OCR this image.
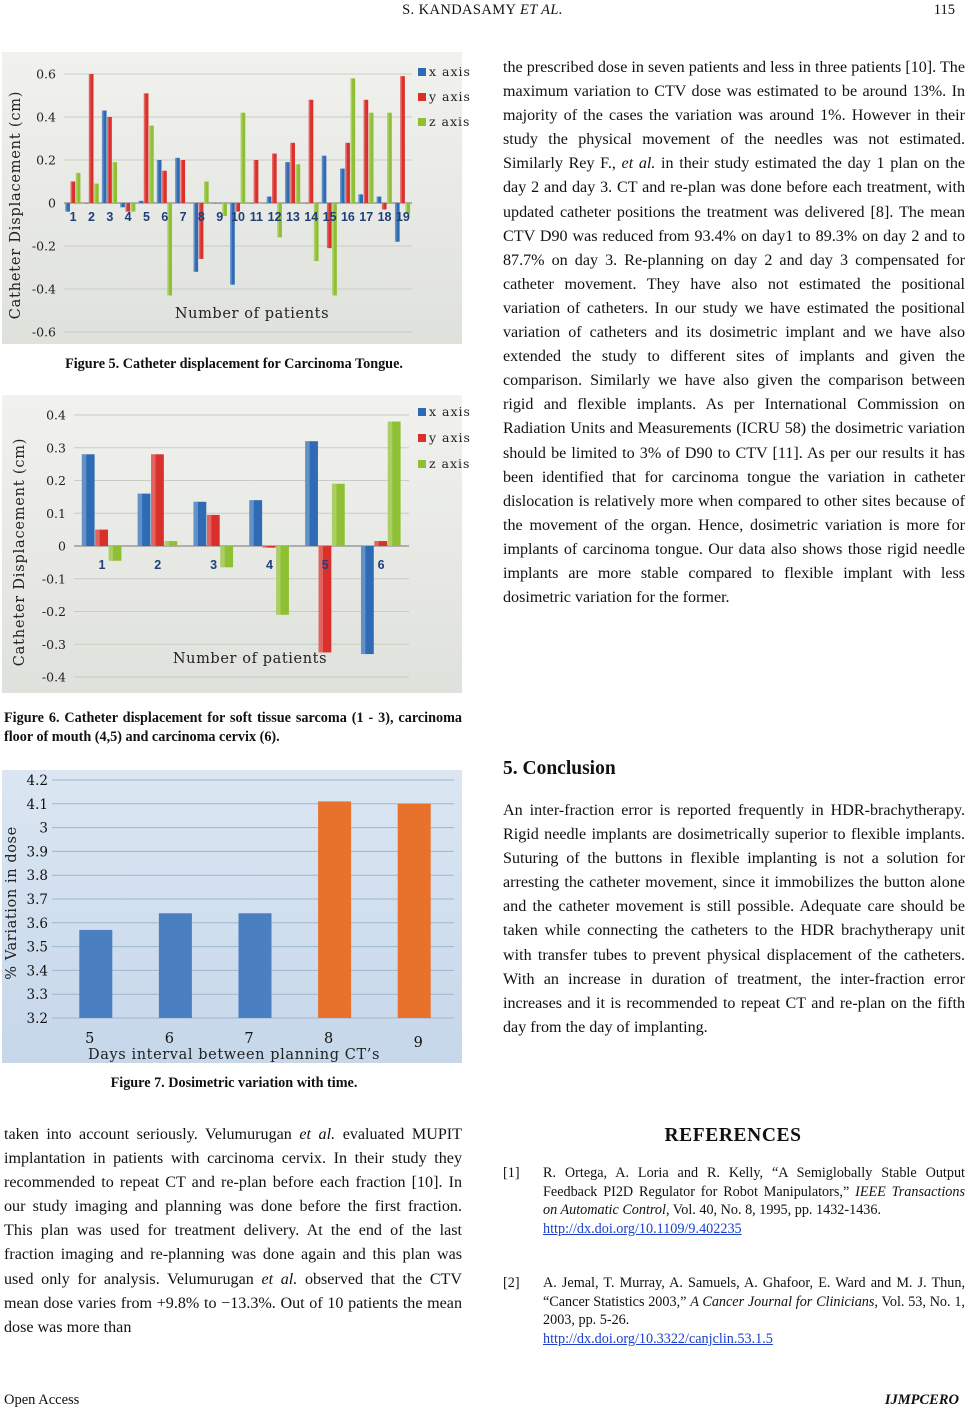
S. KANDASAMY ET AL.	115
0.6
0.4
0.2
0
-0.2
-0.4
-0.6
1 2 3 4 5 6 7 8 9 10 11 12 13 14 15 16 17 18 19
x axis
y axis
z axis
Number of patients
Catheter Displacement (cm)
Figure 5. Catheter displacement for Carcinoma Tongue.
0.4
0.3
0.2
0.1
0
-0.1
-0.2
-0.3
-0.4
1	2	3	4	5	6
x axis
y axis
z axis
Number of patients
Catheter Displacement (cm)
Figure 6. Catheter displacement for soft tissue sarcoma (1 - 3), carcinoma floor of mouth (4,5) and carcinoma cervix (6).
4.2
4.1
3
3.9
3.8
3.7
3.6
3.5
3.4
3.3
3.2
5	6	7	8	9
Days interval between planning CT’s
% Variation in dose
Figure 7. Dosimetric variation with time.

taken into account seriously. Velumurugan et al. evaluated MUPIT implantation in patients with carcinoma cervix. In their study they recommended to repeat CT and re-plan before each fraction [10]. In our study imaging and planning was done before the first fraction. This plan was used for treatment delivery. At the end of the last fraction imaging and re-planning was done again and this plan was used only for analysis. Velumurugan et al. observed that the CTV mean dose varies from +9.8% to −13.3%. Out of 10 patients the mean dose was more than

the prescribed dose in seven patients and less in three patients [10]. The maximum variation to CTV dose was estimated to be around 13%. In majority of the cases the variation was around 1%. However in their study the physical movement of the needles was not estimated. Similarly Rey F., et al. in their study estimated the day 1 plan on the day 2 and day 3. CT and re-plan was done before each treatment, with updated catheter positions the treatment was delivered [8]. The mean CTV D90 was reduced from 93.4% on day1 to 89.3% on day 2 and to 87.7% on day 3. Re-planning on day 2 and day 3 compensated for catheter movement. They have also not estimated the positional variation of catheters. In our study we have estimated the positional variation of catheters and its dosimetric implant and we have also extended the study to different sites of implants and given the comparison. Similarly we have also given the comparison between rigid and flexible implants. As per International Commission on Radiation Units and Measurements (ICRU 58) the dosimetric variation should be limited to 3% of D90 to CTV [11]. As per our results it has been identified that for carcinoma tongue the variation in catheter dislocation is relatively more when compared to other sites because of the movement of the organ. Hence, dosimetric variation is more for implants of carcinoma tongue. Our data also shows those rigid needle implants are more stable compared to flexible implant with less dosimetric variation for the former.

5. Conclusion

An inter-fraction error is reported frequently in HDR-brachytherapy. Rigid needle implants are dosimetrically superior to flexible implants. Suturing of the buttons in flexible implanting is not a solution for arresting the catheter movement, since it immobilizes the button alone and the catheter movement is still possible. Adequate care should be taken while connecting the catheters to the HDR brachytherapy unit with transfer tubes to prevent physical displacement of the catheters. With an increase in duration of treatment, the inter-fraction error increases and it is recommended to repeat CT and re-plan on the fifth day from the day of implanting.

REFERENCES
[1] R. Ortega, A. Loria and R. Kelly, “A Semiglobally Stable Output Feedback PI2D Regulator for Robot Manipulators,” IEEE Transactions on Automatic Control, Vol. 40, No. 8, 1995, pp. 1432-1436.
http://dx.doi.org/10.1109/9.402235
[2] A. Jemal, T. Murray, A. Samuels, A. Ghafoor, E. Ward and M. J. Thun, “Cancer Statistics 2003,” A Cancer Journal for Clinicians, Vol. 53, No. 1, 2003, pp. 5-26.
http://dx.doi.org/10.3322/canjclin.53.1.5
Open Access	IJMPCERO
